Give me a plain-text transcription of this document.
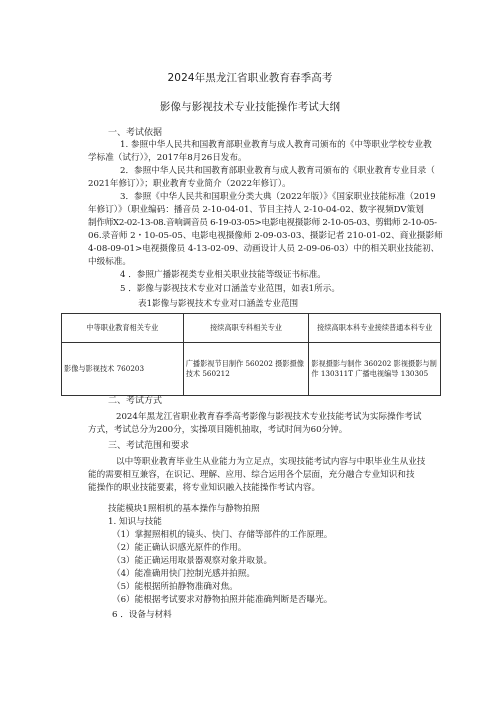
2024年黑龙江省职业教育春季高考
影像与影视技术专业技能操作考试大纲
一、考试依据
1. 参照中华人民共和国教育部职业教育与成人教育司颁布的《中等职业学校专业教
学标准（试行）》，2017年8月26日发布。
2．参照中华人民共和国教育部职业教育与成人教育司颁布的《职业教育专业目录（
2021年修订）》；职业教育专业简介（2022年修订）。
3．参照《中华人民共和国职业分类大典（2022年版）》《国家职业技能标准（2019
年修订）》（职业编码：播音员 2-10-04-01、节目主持人 2-10-04-02、数字视频DV策划
制作师X2-02-13-08.音响调音员 6-19-03-05>电影电视摄影师 2-10-05-03、剪辑师 2-10-05-
06.录音师 2・10-05-05、电影电视摄像师 2-09-03-03、摄影记者 210-01-02、商业摄影师
4-08-09-01>电视摄像员 4-13-02-09、动画设计人员 2-09-06-03）中的相关职业技能初、
中级标准。
4 ．参照广播影视类专业相关职业技能等级证书标准。
5 ．影像与影视技术专业对口涵盖专业范围，如表1所示。
表1影像与影视技术专业对口涵盖专业范围
中等职业教育相关专业	接续高职专科相关专业	接续高职本科专业接续普通本科专业
影像与影视技术 760203	广播影视节目制作 560202 摄影摄像技术 560212	影视摄影与制作 360202 影视摄影与制作 130311T 广播电视编导 130305
二、考试方式
2024年黑龙江省职业教育春季高考影像与影视技术专业技能考试为实际操作考试
方式，考试总分为200分，实操项目随机抽取，考试时间为60分钟。
三、考试范围和要求
以中等职业教育毕业生从业能力为立足点，实现技能考试内容与中职毕业生从业技
能的需要相互兼容，在识记、理解、应用、综合运用各个层面，充分融合专业知识和技
能操作的职业技能要素，将专业知识融入技能操作考试内容。
技能模块1照相机的基本操作与静物拍照
1. 知识与技能
（1）掌握照相机的镜头、快门、存储等部件的工作原理。
（2）能正确认识感光原件的作用。
（3）能正确运用取景器观察对象并取景。
（4）能准确用快门控制光感并拍照。
（5）能根据所拍静物准确对焦。
（6）能根据考试要求对静物拍照并能准确判断是否曝光。
6 ．设备与材料
